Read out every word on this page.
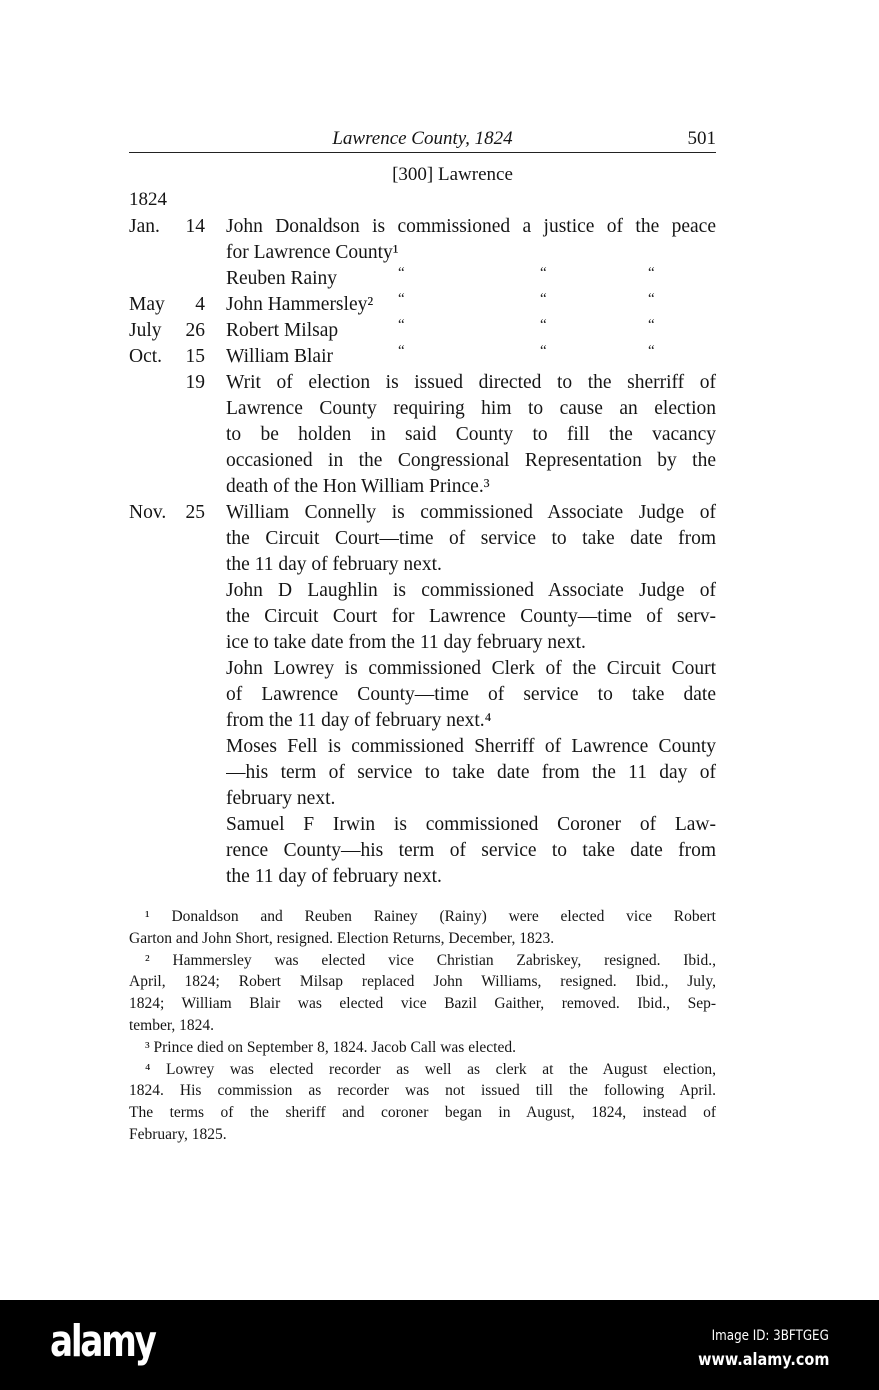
Lawrence County, 1824	501
[300] Lawrence
1824
Jan.	14 John Donaldson is commissioned a justice of the peace
for Lawrence County¹
Reuben Rainy	“	“	“
May	4 John Hammersley²	“	“	“
July	26 Robert Milsap	“	“	“
Oct.	15 William Blair	“	“	“
19 Writ of election is issued directed to the sherriff of
Lawrence County requiring him to cause an election
to be holden in said County to fill the vacancy
occasioned in the Congressional Representation by the
death of the Hon William Prince.³
Nov. 25 William Connelly is commissioned Associate Judge of
the Circuit Court—time of service to take date from
the 11 day of february next.
John D Laughlin is commissioned Associate Judge of
the Circuit Court for Lawrence County—time of serv‑
ice to take date from the 11 day february next.
John Lowrey is commissioned Clerk of the Circuit Court
of Lawrence County—time of service to take date
from the 11 day of february next.⁴
Moses Fell is commissioned Sherriff of Lawrence County
—his term of service to take date from the 11 day of
february next.
Samuel F Irwin is commissioned Coroner of Law‑
rence County—his term of service to take date from
the 11 day of february next.
¹ Donaldson and Reuben Rainey (Rainy) were elected vice Robert
Garton and John Short, resigned. Election Returns, December, 1823.
² Hammersley was elected vice Christian Zabriskey, resigned. Ibid.,
April, 1824; Robert Milsap replaced John Williams, resigned. Ibid., July,
1824; William Blair was elected vice Bazil Gaither, removed. Ibid., Sep‑
tember, 1824.
³ Prince died on September 8, 1824. Jacob Call was elected.
⁴ Lowrey was elected recorder as well as clerk at the August election,
1824. His commission as recorder was not issued till the following April.
The terms of the sheriff and coroner began in August, 1824, instead of
February, 1825.
alamy	Image ID: 3BFTGEG
www.alamy.com
